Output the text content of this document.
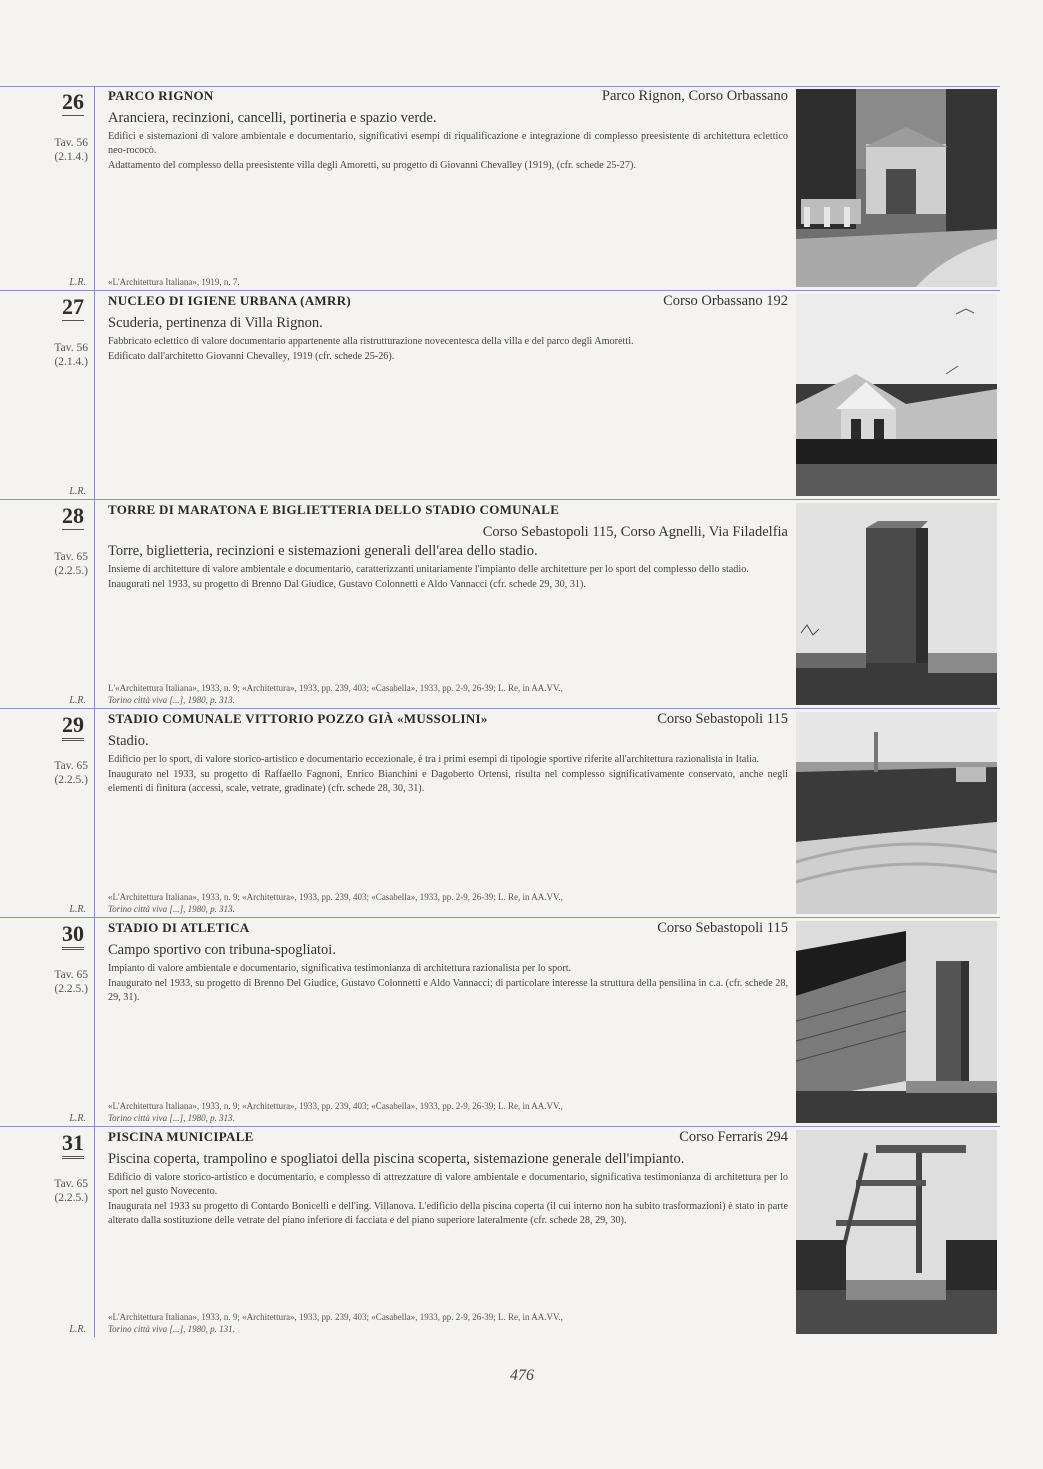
26
Tav. 56
(2.1.4.)
L.R.
PARCO RIGNON	Parco Rignon, Corso Orbassano
Aranciera, recinzioni, cancelli, portineria e spazio verde.
Edifici e sistemazioni di valore ambientale e documentario, significativi esempi di riqualificazione e integrazione di complesso preesistente di architettura eclettico neo-rococò.
Adattamento del complesso della preesistente villa degli Amoretti, su progetto di Giovanni Chevalley (1919), (cfr. schede 25-27).
«L'Architettura Italiana», 1919, n. 7.
27
Tav. 56
(2.1.4.)
L.R.
NUCLEO DI IGIENE URBANA (AMRR)	Corso Orbassano 192
Scuderia, pertinenza di Villa Rignon.
Fabbricato eclettico di valore documentario appartenente alla ristrutturazione novecentesca della villa e del parco degli Amoretti.
Edificato dall'architetto Giovanni Chevalley, 1919 (cfr. schede 25-26).
28
Tav. 65
(2.2.5.)
L.R.
TORRE DI MARATONA E BIGLIETTERIA DELLO STADIO COMUNALE
Corso Sebastopoli 115, Corso Agnelli, Via Filadelfia
Torre, biglietteria, recinzioni e sistemazioni generali dell'area dello stadio.
Insieme di architetture di valore ambientale e documentario, caratterizzanti unitariamente l'impianto delle architetture per lo sport del complesso dello stadio.
Inaugurati nel 1933, su progetto di Brenno Dal Giudice, Gustavo Colonnetti e Aldo Vannacci (cfr. schede 29, 30, 31).
L'«Architettura Italiana», 1933, n. 9; «Architettura», 1933, pp. 239, 403; «Casabella», 1933, pp. 2-9, 26-39; L. Re, in AA.VV.,
Torino città viva [...], 1980, p. 313.
29
Tav. 65
(2.2.5.)
L.R.
STADIO COMUNALE VITTORIO POZZO GIÀ «MUSSOLINI»	Corso Sebastopoli 115
Stadio.
Edificio per lo sport, di valore storico-artistico e documentario eccezionale, è tra i primi esempi di tipologie sportive riferite all'architettura razionalista in Italia.
Inaugurato nel 1933, su progetto di Raffaello Fagnoni, Enrico Bianchini e Dagoberto Ortensi, risulta nel complesso significativamente conservato, anche negli elementi di finitura (accessi, scale, vetrate, gradinate) (cfr. schede 28, 30, 31).
«L'Architettura Italiana», 1933, n. 9; «Architettura», 1933, pp. 239, 403; «Casabella», 1933, pp. 2-9, 26-39; L. Re, in AA.VV.,
Torino città viva [...], 1980, p. 313.
30
Tav. 65
(2.2.5.)
L.R.
STADIO DI ATLETICA	Corso Sebastopoli 115
Campo sportivo con tribuna-spogliatoi.
Impianto di valore ambientale e documentario, significativa testimonianza di architettura razionalista per lo sport.
Inaugurato nel 1933, su progetto di Brenno Del Giudice, Gustavo Colonnetti e Aldo Vannacci; di particolare interesse la struttura della pensilina in c.a. (cfr. schede 28, 29, 31).
«L'Architettura Italiana», 1933, n. 9; «Architettura», 1933, pp. 239, 403; «Casabella», 1933, pp. 2-9, 26-39; L. Re, in AA.VV.,
Torino città viva [...], 1980, p. 313.
31
Tav. 65
(2.2.5.)
L.R.
PISCINA MUNICIPALE	Corso Ferraris 294
Piscina coperta, trampolino e spogliatoi della piscina scoperta, sistemazione generale dell'impianto.
Edificio di valore storico-artistico e documentario, e complesso di attrezzature di valore ambientale e documentario, significativa testimonianza di architettura per lo sport nel gusto Novecento.
Inaugurata nel 1933 su progetto di Contardo Bonicelli e dell'ing. Villanova. L'edificio della piscina coperta (il cui interno non ha subito trasformazioni) è stato in parte alterato dalla sostituzione delle vetrate del piano inferiore di facciata e del piano superiore lateralmente (cfr. schede 28, 29, 30).
«L'Architettura Italiana», 1933, n. 9; «Architettura», 1933, pp. 239, 403; «Casabella», 1933, pp. 2-9, 26-39; L. Re, in AA.VV.,
Torino città viva [...], 1980, p. 131.
476
